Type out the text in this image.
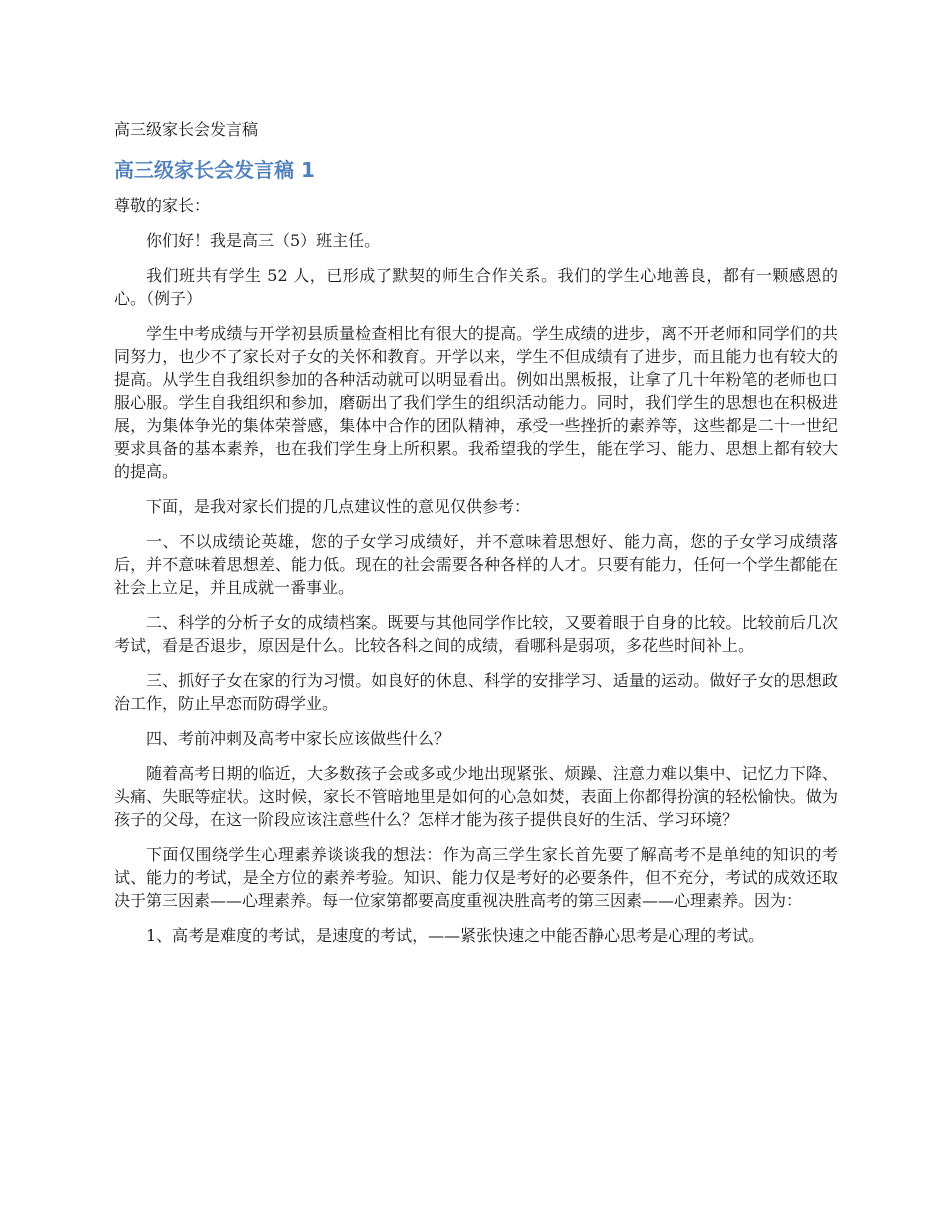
高三级家长会发言稿
高三级家长会发言稿 1
尊敬的家长：

你们好！我是高三（5）班主任。

我们班共有学生 52 人，已形成了默契的师生合作关系。我们的学生心地善良，都有一颗感恩的心。（例子）

学生中考成绩与开学初县质量检查相比有很大的提高。学生成绩的进步，离不开老师和同学们的共同努力，也少不了家长对子女的关怀和教育。开学以来，学生不但成绩有了进步，而且能力也有较大的提高。从学生自我组织参加的各种活动就可以明显看出。例如出黑板报，让拿了几十年粉笔的老师也口服心服。学生自我组织和参加，磨砺出了我们学生的组织活动能力。同时，我们学生的思想也在积极进展，为集体争光的集体荣誉感，集体中合作的团队精神，承受一些挫折的素养等，这些都是二十一世纪要求具备的基本素养，也在我们学生身上所积累。我希望我的学生，能在学习、能力、思想上都有较大的提高。

下面，是我对家长们提的几点建议性的意见仅供参考：

一、不以成绩论英雄，您的子女学习成绩好，并不意味着思想好、能力高，您的子女学习成绩落后，并不意味着思想差、能力低。现在的社会需要各种各样的人才。只要有能力，任何一个学生都能在社会上立足，并且成就一番事业。

二、科学的分析子女的成绩档案。既要与其他同学作比较，又要着眼于自身的比较。比较前后几次考试，看是否退步，原因是什么。比较各科之间的成绩，看哪科是弱项，多花些时间补上。

三、抓好子女在家的行为习惯。如良好的休息、科学的安排学习、适量的运动。做好子女的思想政治工作，防止早恋而防碍学业。

四、考前冲刺及高考中家长应该做些什么？

随着高考日期的临近，大多数孩子会或多或少地出现紧张、烦躁、注意力难以集中、记忆力下降、头痛、失眠等症状。这时候，家长不管暗地里是如何的心急如焚，表面上你都得扮演的轻松愉快。做为孩子的父母，在这一阶段应该注意些什么？怎样才能为孩子提供良好的生活、学习环境？

下面仅围绕学生心理素养谈谈我的想法：作为高三学生家长首先要了解高考不是单纯的知识的考试、能力的考试，是全方位的素养考验。知识、能力仅是考好的必要条件，但不充分，考试的成效还取决于第三因素——心理素养。每一位家第都要高度重视决胜高考的第三因素——心理素养。因为：

1、高考是难度的考试，是速度的考试，——紧张快速之中能否静心思考是心理的考试。
